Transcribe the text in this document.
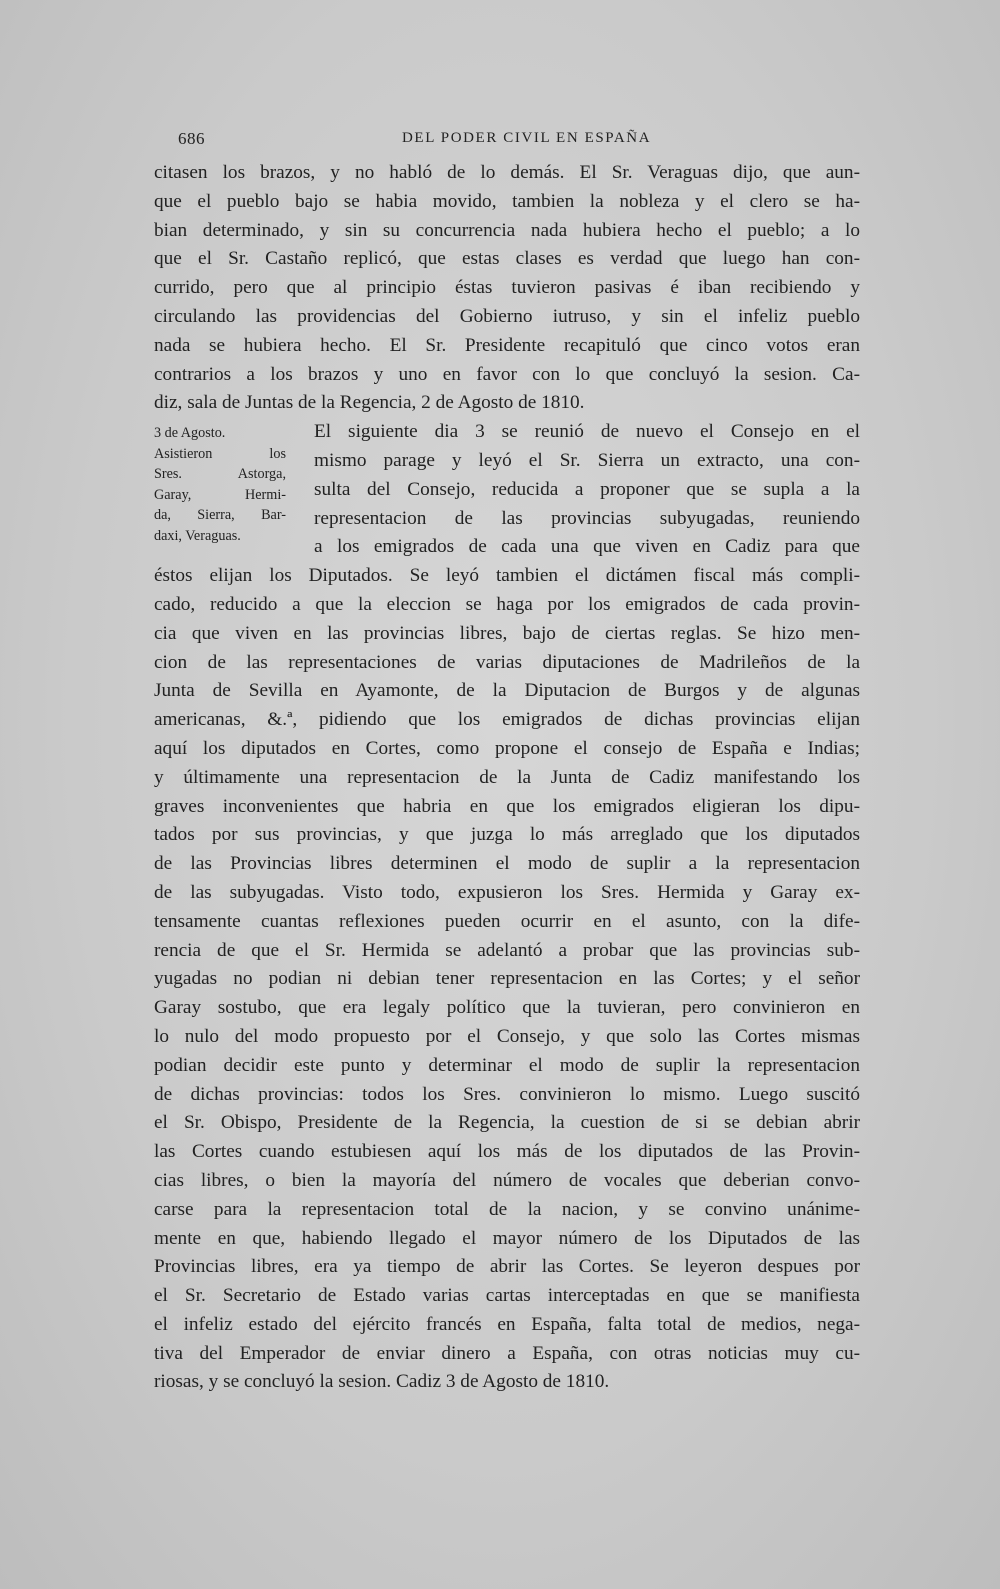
686	DEL PODER CIVIL EN ESPAÑA
citasen los brazos, y no habló de lo demás. El Sr. Veraguas dijo, que aun-
que el pueblo bajo se habia movido, tambien la nobleza y el clero se ha-
bian determinado, y sin su concurrencia nada hubiera hecho el pueblo; a lo
que el Sr. Castaño replicó, que estas clases es verdad que luego han con-
currido, pero que al principio éstas tuvieron pasivas é iban recibiendo y
circulando las providencias del Gobierno iutruso, y sin el infeliz pueblo
nada se hubiera hecho. El Sr. Presidente recapituló que cinco votos eran
contrarios a los brazos y uno en favor con lo que concluyó la sesion. Ca-
diz, sala de Juntas de la Regencia, 2 de Agosto de 1810.
3 de Agosto.
Asistieron los
Sres. Astorga,
Garay, Hermi-
da, Sierra, Bar-
daxi, Veraguas.
El siguiente dia 3 se reunió de nuevo el Consejo en el
mismo parage y leyó el Sr. Sierra un extracto, una con-
sulta del Consejo, reducida a proponer que se supla a la
representacion de las provincias subyugadas, reuniendo
a los emigrados de cada una que viven en Cadiz para que
éstos elijan los Diputados. Se leyó tambien el dictámen fiscal más compli-
cado, reducido a que la eleccion se haga por los emigrados de cada provin-
cia que viven en las provincias libres, bajo de ciertas reglas. Se hizo men-
cion de las representaciones de varias diputaciones de Madrileños de la
Junta de Sevilla en Ayamonte, de la Diputacion de Burgos y de algunas
americanas, &.ª, pidiendo que los emigrados de dichas provincias elijan
aquí los diputados en Cortes, como propone el consejo de España e Indias;
y últimamente una representacion de la Junta de Cadiz manifestando los
graves inconvenientes que habria en que los emigrados eligieran los dipu-
tados por sus provincias, y que juzga lo más arreglado que los diputados
de las Provincias libres determinen el modo de suplir a la representacion
de las subyugadas. Visto todo, expusieron los Sres. Hermida y Garay ex-
tensamente cuantas reflexiones pueden ocurrir en el asunto, con la dife-
rencia de que el Sr. Hermida se adelantó a probar que las provincias sub-
yugadas no podian ni debian tener representacion en las Cortes; y el señor
Garay sostubo, que era legaly político que la tuvieran, pero convinieron en
lo nulo del modo propuesto por el Consejo, y que solo las Cortes mismas
podian decidir este punto y determinar el modo de suplir la representacion
de dichas provincias: todos los Sres. convinieron lo mismo. Luego suscitó
el Sr. Obispo, Presidente de la Regencia, la cuestion de si se debian abrir
las Cortes cuando estubiesen aquí los más de los diputados de las Provin-
cias libres, o bien la mayoría del número de vocales que deberian convo-
carse para la representacion total de la nacion, y se convino unánime-
mente en que, habiendo llegado el mayor número de los Diputados de las
Provincias libres, era ya tiempo de abrir las Cortes. Se leyeron despues por
el Sr. Secretario de Estado varias cartas interceptadas en que se manifiesta
el infeliz estado del ejército francés en España, falta total de medios, nega-
tiva del Emperador de enviar dinero a España, con otras noticias muy cu-
riosas, y se concluyó la sesion. Cadiz 3 de Agosto de 1810.
